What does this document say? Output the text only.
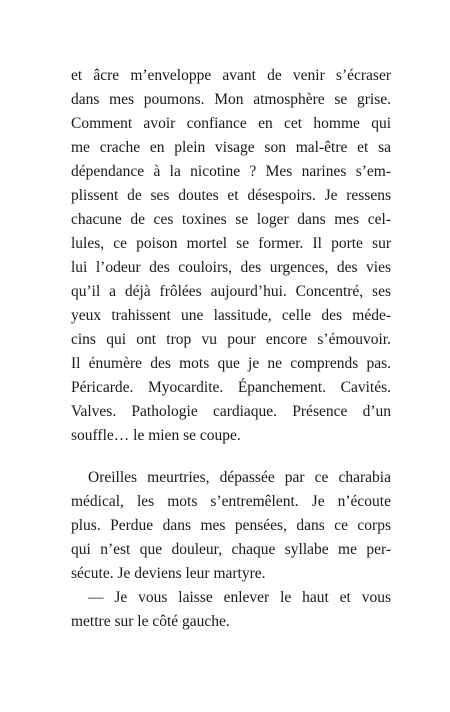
et âcre m’enveloppe avant de venir s’écraser
dans mes poumons. Mon atmosphère se grise.
Comment avoir confiance en cet homme qui
me crache en plein visage son mal-être et sa
dépendance à la nicotine ? Mes narines s’em-
plissent de ses doutes et désespoirs. Je ressens
chacune de ces toxines se loger dans mes cel-
lules, ce poison mortel se former. Il porte sur
lui l’odeur des couloirs, des urgences, des vies
qu’il a déjà frôlées aujourd’hui. Concentré, ses
yeux trahissent une lassitude, celle des méde-
cins qui ont trop vu pour encore s’émouvoir.
Il énumère des mots que je ne comprends pas.
Péricarde. Myocardite. Épanchement. Cavités.
Valves. Pathologie cardiaque. Présence d’un
souffle… le mien se coupe.
Oreilles meurtries, dépassée par ce charabia
médical, les mots s’entremêlent. Je n’écoute
plus. Perdue dans mes pensées, dans ce corps
qui n’est que douleur, chaque syllabe me per-
sécute. Je deviens leur martyre.
— Je vous laisse enlever le haut et vous
mettre sur le côté gauche.
